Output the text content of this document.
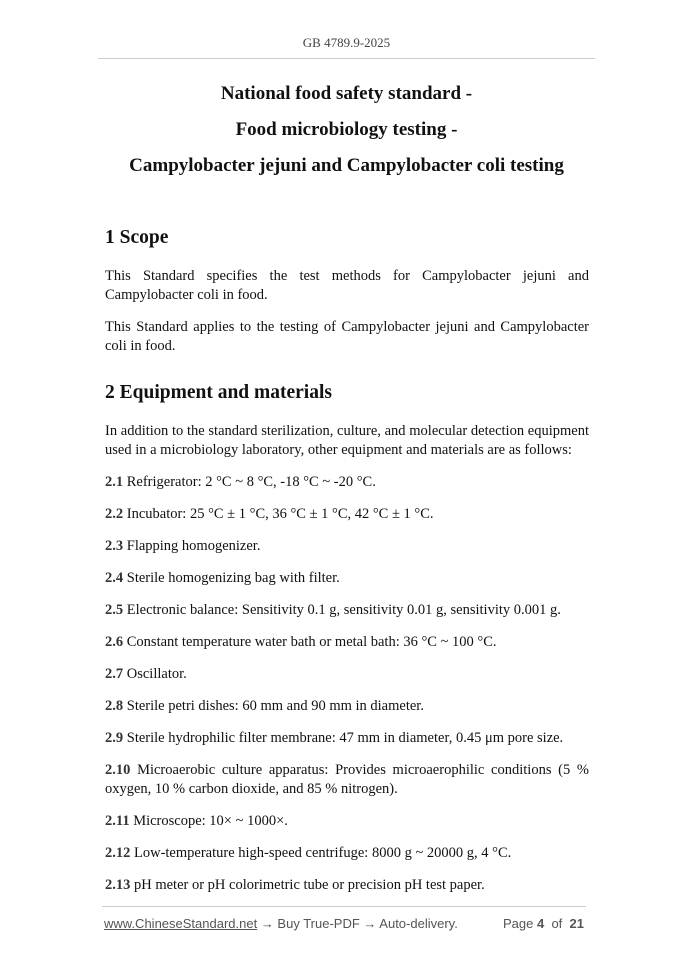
GB 4789.9-2025
National food safety standard -
Food microbiology testing -
Campylobacter jejuni and Campylobacter coli testing
1 Scope

This Standard specifies the test methods for Campylobacter jejuni and Campylobacter coli in food.

This Standard applies to the testing of Campylobacter jejuni and Campylobacter coli in food.

2 Equipment and materials

In addition to the standard sterilization, culture, and molecular detection equipment used in a microbiology laboratory, other equipment and materials are as follows:

2.1 Refrigerator: 2 °C ~ 8 °C, -18 °C ~ -20 °C.

2.2 Incubator: 25 °C ± 1 °C, 36 °C ± 1 °C, 42 °C ± 1 °C.

2.3 Flapping homogenizer.

2.4 Sterile homogenizing bag with filter.

2.5 Electronic balance: Sensitivity 0.1 g, sensitivity 0.01 g, sensitivity 0.001 g.

2.6 Constant temperature water bath or metal bath: 36 °C ~ 100 °C.

2.7 Oscillator.

2.8 Sterile petri dishes: 60 mm and 90 mm in diameter.

2.9 Sterile hydrophilic filter membrane: 47 mm in diameter, 0.45 μm pore size.

2.10 Microaerobic culture apparatus: Provides microaerophilic conditions (5 % oxygen, 10 % carbon dioxide, and 85 % nitrogen).

2.11 Microscope: 10× ~ 1000×.

2.12 Low-temperature high-speed centrifuge: 8000 g ~ 20000 g, 4 °C.

2.13 pH meter or pH colorimetric tube or precision pH test paper.

www.ChineseStandard.net → Buy True-PDF → Auto-delivery.	Page 4 of 21
